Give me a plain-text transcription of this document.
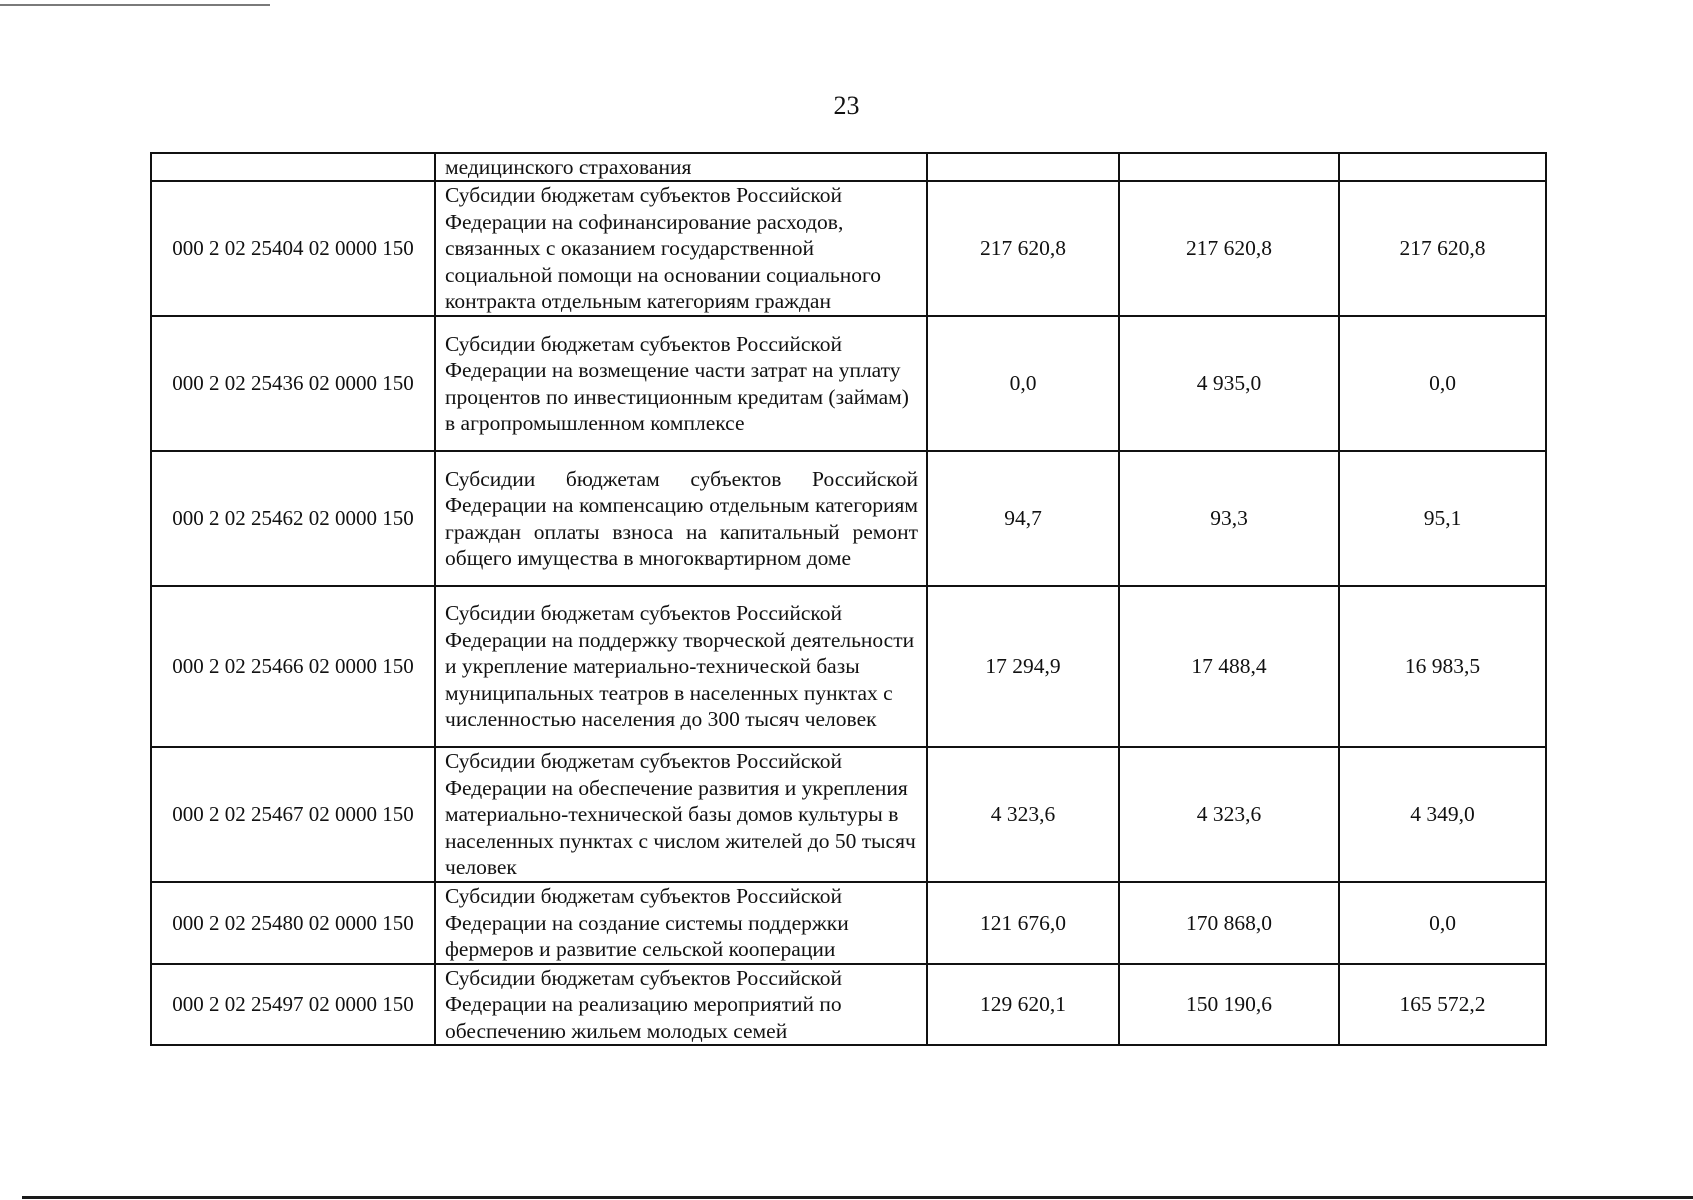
23
	медицинского страхования			
000 2 02 25404 02 0000 150	Субсидии бюджетам субъектов Российской Федерации на софинансирование расходов, связанных с оказанием государственной социальной помощи на основании социального контракта отдельным категориям граждан	217 620,8	217 620,8	217 620,8
000 2 02 25436 02 0000 150	Субсидии бюджетам субъектов Российской Федерации на возмещение части затрат на уплату процентов по инвестиционным кредитам (займам) в агропромышленном комплексе	0,0	4 935,0	0,0
000 2 02 25462 02 0000 150	Субсидии бюджетам субъектов Российской Федерации на компенсацию отдельным категориям граждан оплаты взноса на капитальный ремонт общего имущества в многоквартирном доме	94,7	93,3	95,1
000 2 02 25466 02 0000 150	Субсидии бюджетам субъектов Российской Федерации на поддержку творческой деятельности и укрепление материально-технической базы муниципальных театров в населенных пунктах с численностью населения до 300 тысяч человек	17 294,9	17 488,4	16 983,5
000 2 02 25467 02 0000 150	Субсидии бюджетам субъектов Российской Федерации на обеспечение развития и укрепления материально-технической базы домов культуры в населенных пунктах с числом жителей до 50 тысяч человек	4 323,6	4 323,6	4 349,0
000 2 02 25480 02 0000 150	Субсидии бюджетам субъектов Российской Федерации на создание системы поддержки фермеров и развитие сельской кооперации	121 676,0	170 868,0	0,0
000 2 02 25497 02 0000 150	Субсидии бюджетам субъектов Российской Федерации на реализацию мероприятий по обеспечению жильем молодых семей	129 620,1	150 190,6	165 572,2
